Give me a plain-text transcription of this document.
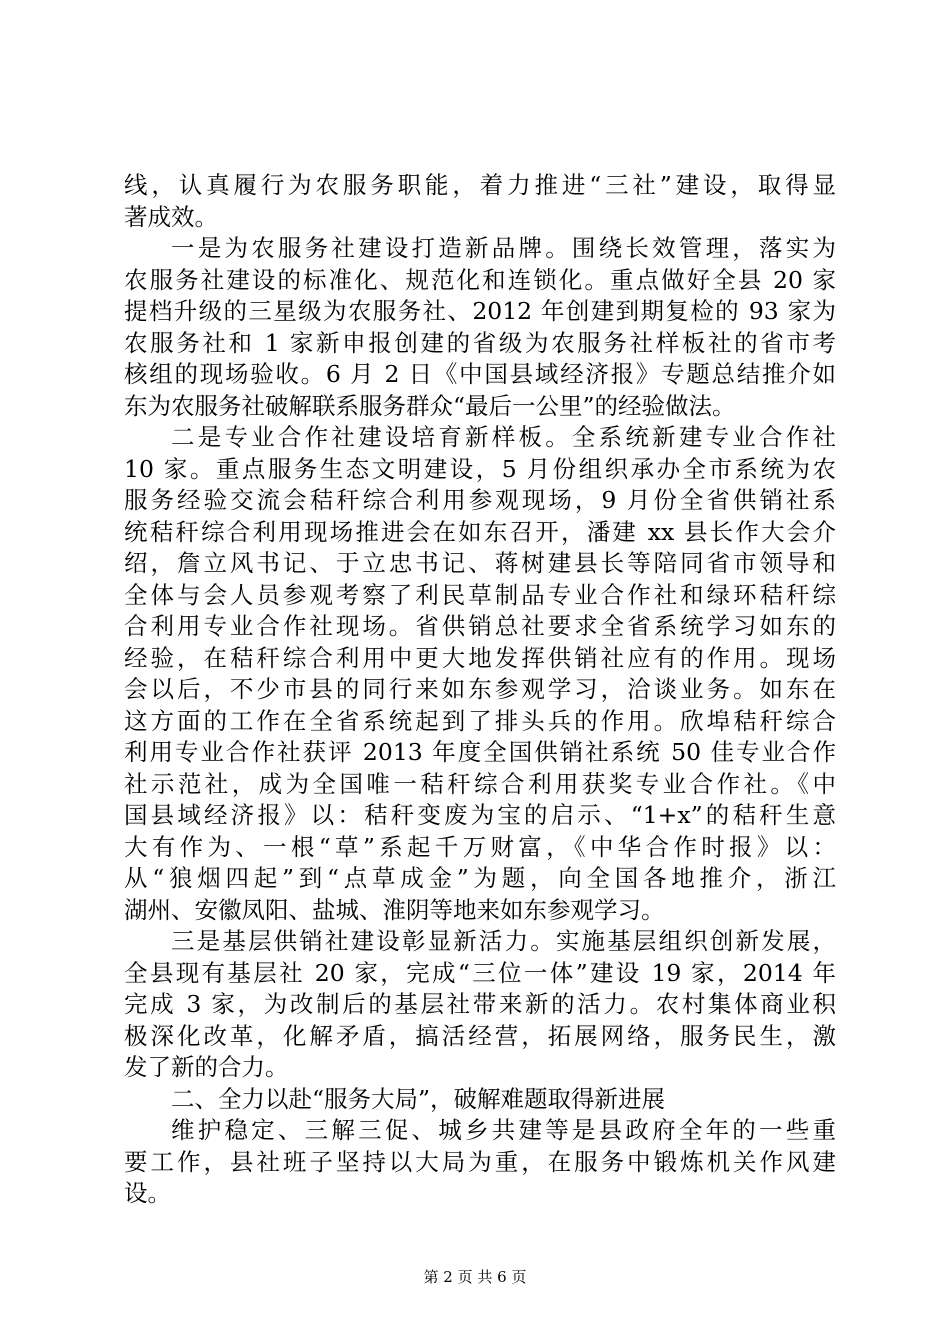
线，认真履行为农服务职能，着力推进“三社”建设，取得显
著成效。
一是为农服务社建设打造新品牌。围绕长效管理，落实为
农服务社建设的标准化、规范化和连锁化。重点做好全县 20 家
提档升级的三星级为农服务社、2012 年创建到期复检的 93 家为
农服务社和 1 家新申报创建的省级为农服务社样板社的省市考
核组的现场验收。6 月 2 日《中国县域经济报》专题总结推介如
东为农服务社破解联系服务群众“最后一公里”的经验做法。
二是专业合作社建设培育新样板。全系统新建专业合作社
10 家。重点服务生态文明建设，5 月份组织承办全市系统为农
服务经验交流会秸秆综合利用参观现场，9 月份全省供销社系
统秸秆综合利用现场推进会在如东召开，潘建 xx 县长作大会介
绍，詹立风书记、于立忠书记、蒋树建县长等陪同省市领导和
全体与会人员参观考察了利民草制品专业合作社和绿环秸秆综
合利用专业合作社现场。省供销总社要求全省系统学习如东的
经验，在秸秆综合利用中更大地发挥供销社应有的作用。现场
会以后，不少市县的同行来如东参观学习，洽谈业务。如东在
这方面的工作在全省系统起到了排头兵的作用。欣埠秸秆综合
利用专业合作社获评 2013 年度全国供销社系统 50 佳专业合作
社示范社，成为全国唯一秸秆综合利用获奖专业合作社。《中
国县域经济报》以：秸秆变废为宝的启示、“1+x”的秸秆生意
大有作为、一根“草”系起千万财富，《中华合作时报》以：
从“狼烟四起”到“点草成金”为题，向全国各地推介，浙江
湖州、安徽凤阳、盐城、淮阴等地来如东参观学习。
三是基层供销社建设彰显新活力。实施基层组织创新发展，
全县现有基层社 20 家，完成“三位一体”建设 19 家，2014 年
完成 3 家，为改制后的基层社带来新的活力。农村集体商业积
极深化改革，化解矛盾，搞活经营，拓展网络，服务民生，激
发了新的合力。
二、全力以赴“服务大局”，破解难题取得新进展
维护稳定、三解三促、城乡共建等是县政府全年的一些重
要工作，县社班子坚持以大局为重，在服务中锻炼机关作风建
设。
第 2 页 共 6 页
